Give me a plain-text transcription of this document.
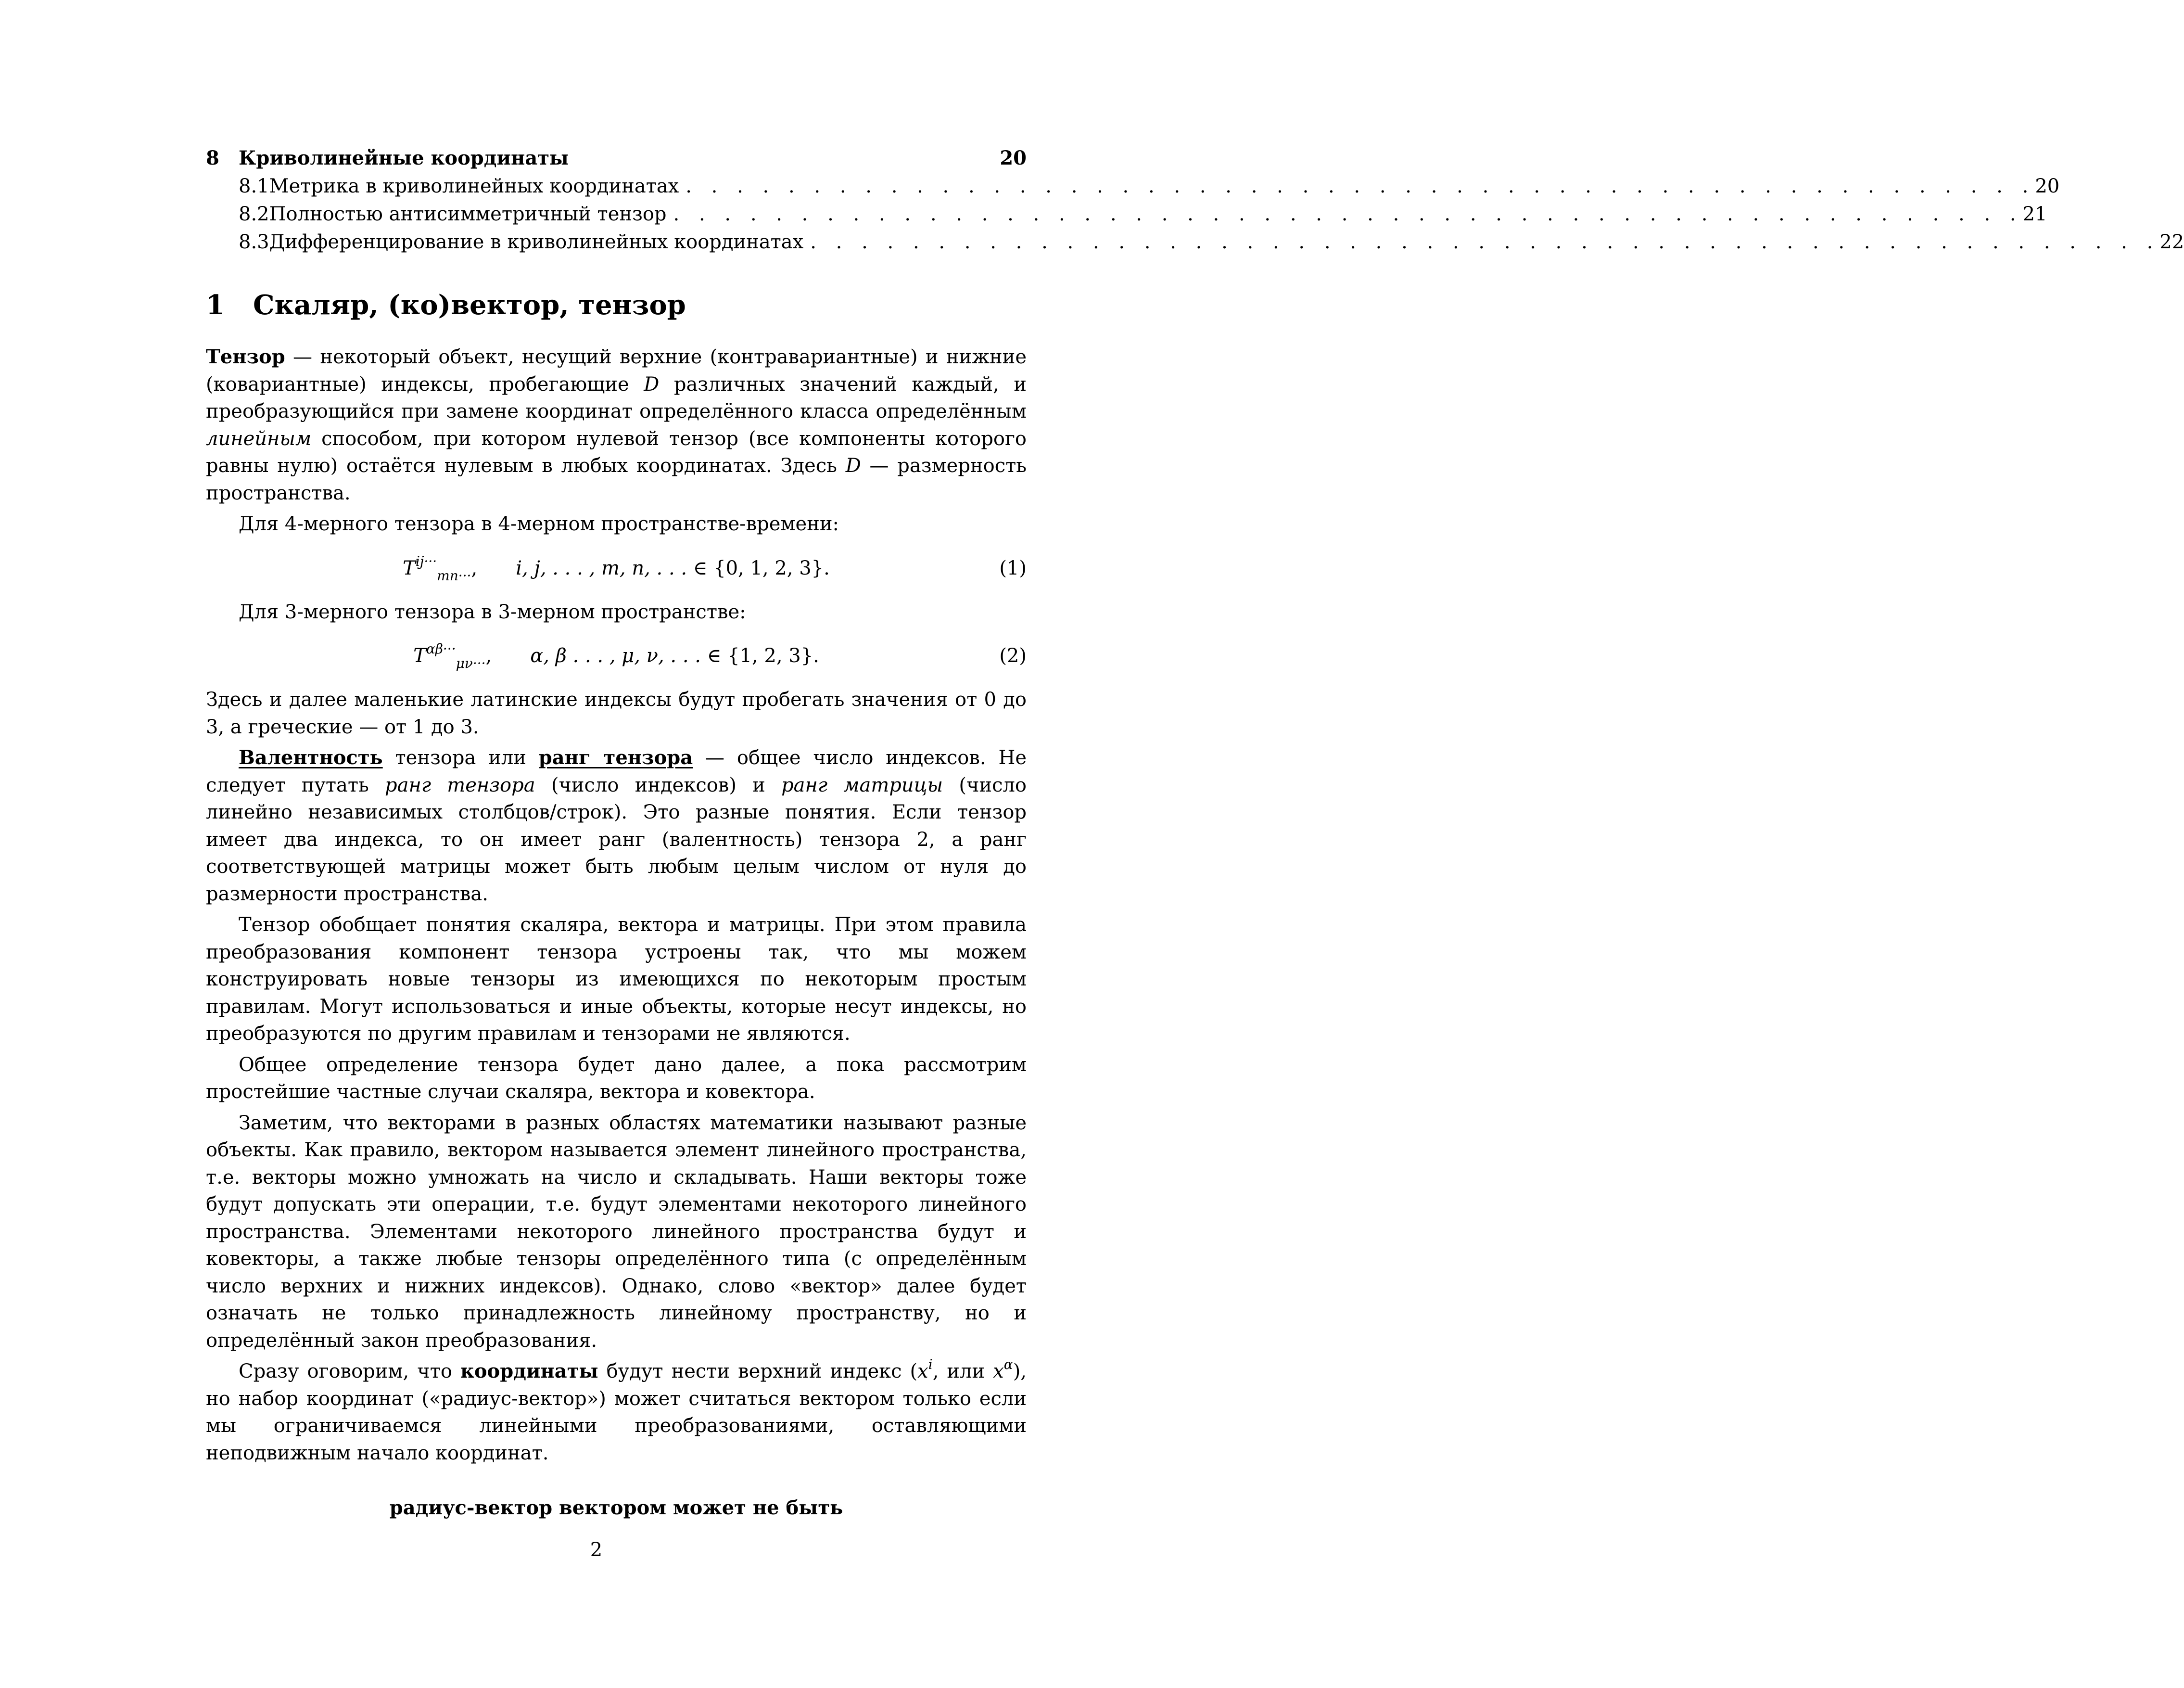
8	Криволинейные координаты	20
8.1 Метрика в криволинейных координатах . . . . . . . . . . . . . . . . . . . . . . . . . . . . . . . . . . . . . . . . . . . . . . . . . . . . . 20
8.2 Полностью антисимметричный тензор . . . . . . . . . . . . . . . . . . . . . . . . . . . . . . . . . . . . . . . . . . . . . . . . . . . . . 21
8.3 Дифференцирование в криволинейных координатах . . . . . . . . . . . . . . . . . . . . . . . . . . . . . . . . . . . . . . . . . . . . . . . . . . . . . 22
1	Скаляр, (ко)вектор, тензор

Тензор — некоторый объект, несущий верхние (контравариантные) и нижние (ковариантные) индексы, пробегающие D различных значений каждый, и преобразующийся при замене координат определённого класса определённым линейным способом, при котором нулевой тензор (все компоненты которого равны нулю) остаётся нулевым в любых координатах. Здесь D — размерность пространства.

Для 4-мерного тензора в 4-мерном пространстве-времени:

$T^{ij\cdot\cdot\cdot}_{mn\cdot\cdot\cdot}$, i, j, . . . , m, n, . . . ∈ {0, 1, 2, 3}.	(1)

Для 3-мерного тензора в 3-мерном пространстве:

$T^{\alpha\beta\cdot\cdot\cdot}_{\mu\nu\cdot\cdot\cdot}$, α, β . . . , μ, ν, . . . ∈ {1, 2, 3}.	(2)

Здесь и далее маленькие латинские индексы будут пробегать значения от 0 до 3, а греческие — от 1 до 3.

Валентность тензора или ранг тензора — общее число индексов. Не следует путать ранг тензора (число индексов) и ранг матрицы (число линейно независимых столбцов/строк). Это разные понятия. Если тензор имеет два индекса, то он имеет ранг (валентность) тензора 2, а ранг соответствующей матрицы может быть любым целым числом от нуля до размерности пространства.

Тензор обобщает понятия скаляра, вектора и матрицы. При этом правила преобразования компонент тензора устроены так, что мы можем конструировать новые тензоры из имеющихся по некоторым простым правилам. Могут использоваться и иные объекты, которые несут индексы, но преобразуются по другим правилам и тензорами не являются.

Общее определение тензора будет дано далее, а пока рассмотрим простейшие частные случаи скаляра, вектора и ковектора.

Заметим, что векторами в разных областях математики называют разные объекты. Как правило, вектором называется элемент линейного пространства, т.е. векторы можно умножать на число и складывать. Наши векторы тоже будут допускать эти операции, т.е. будут элементами некоторого линейного пространства. Элементами некоторого линейного пространства будут и ковекторы, а также любые тензоры определённого типа (с определённым число верхних и нижних индексов). Однако, слово «вектор» далее будет означать не только принадлежность линейному пространству, но и определённый закон преобразования.

Сразу оговорим, что координаты будут нести верхний индекс ($x^i$, или $x^\alpha$), но набор координат («радиус-вектор») может считаться вектором только если мы ограничиваемся линейными преобразованиями, оставляющими неподвижным начало координат.

радиус-вектор вектором может не быть
2
